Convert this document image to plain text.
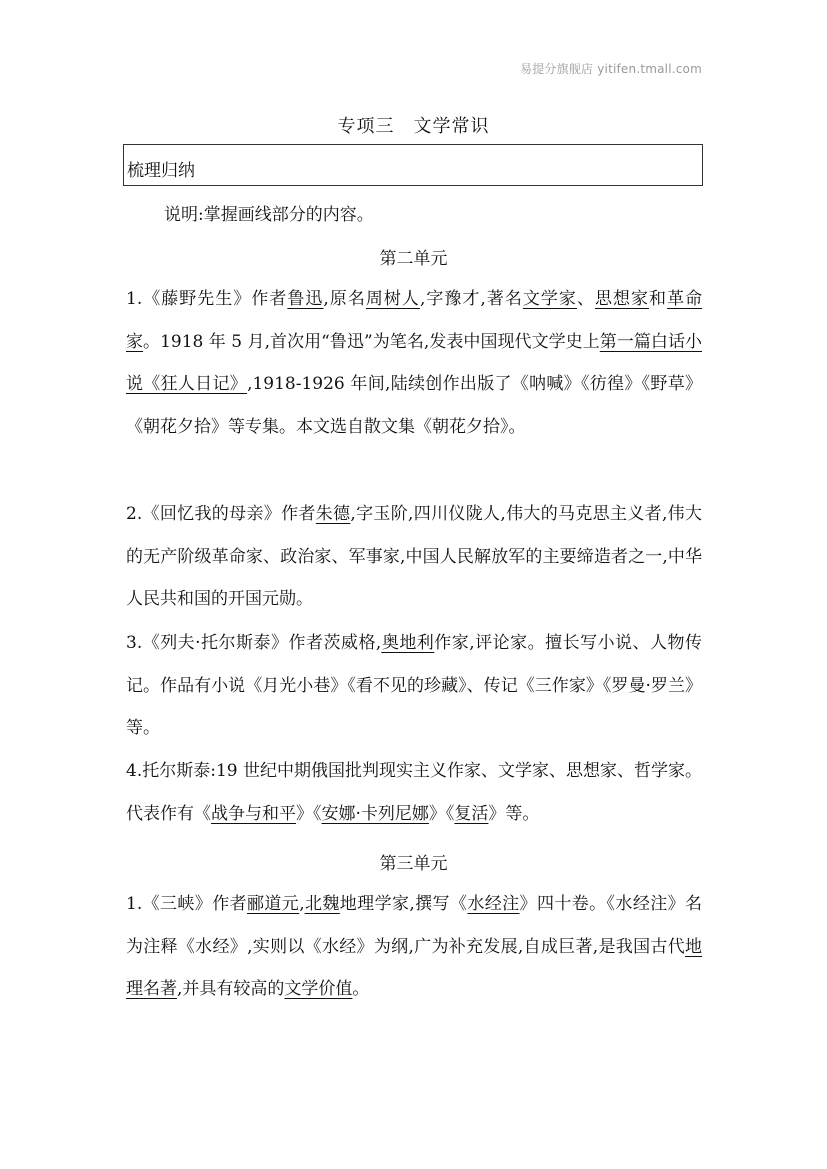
易提分旗舰店 yitifen.tmall.com
专项三　文学常识
梳理归纳
说明:掌握画线部分的内容。
第二单元
1.《藤野先生》作者鲁迅,原名周树人,字豫才,著名文学家、思想家和革命家。1918 年 5 月,首次用“鲁迅”为笔名,发表中国现代文学史上第一篇白话小说《狂人日记》,1918-1926 年间,陆续创作出版了《呐喊》《彷徨》《野草》《朝花夕拾》等专集。本文选自散文集《朝花夕拾》。
2.《回忆我的母亲》作者朱德,字玉阶,四川仪陇人,伟大的马克思主义者,伟大的无产阶级革命家、政治家、军事家,中国人民解放军的主要缔造者之一,中华人民共和国的开国元勋。
3.《列夫·托尔斯泰》作者茨威格,奥地利作家,评论家。擅长写小说、人物传记。作品有小说《月光小巷》《看不见的珍藏》、传记《三作家》《罗曼·罗兰》等。
4.托尔斯泰:19 世纪中期俄国批判现实主义作家、文学家、思想家、哲学家。代表作有《战争与和平》《安娜·卡列尼娜》《复活》等。
第三单元
1.《三峡》作者郦道元,北魏地理学家,撰写《水经注》四十卷。《水经注》名为注释《水经》,实则以《水经》为纲,广为补充发展,自成巨著,是我国古代地理名著,并具有较高的文学价值。
